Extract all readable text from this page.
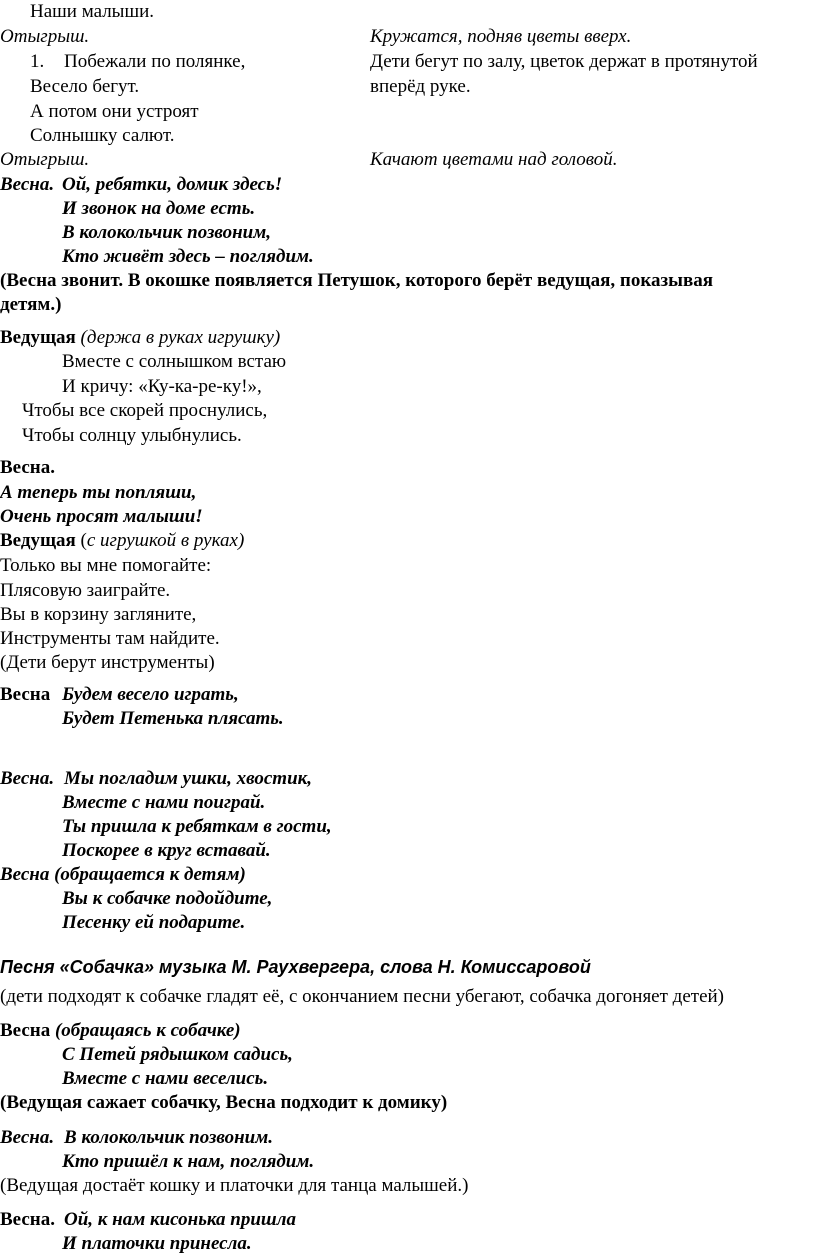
Наши малыши.
Отыгрыш.	Кружатся, подняв цветы вверх.
1. Побежали по полянке,	Дети бегут по залу, цветок держат в протянутой
Весело бегут.	вперёд руке.
А потом они устроят
Солнышку салют.
Отыгрыш.	Качают цветами над головой.
Весна. Ой, ребятки, домик здесь!
И звонок на доме есть.
В колокольчик позвоним,
Кто живёт здесь – поглядим.
(Весна звонит. В окошке появляется Петушок, которого берёт ведущая, показывая
детям.)
Ведущая (держа в руках игрушку)
Вместе с солнышком встаю
И кричу: «Ку-ка-ре-ку!»,
Чтобы все скорей проснулись,
Чтобы солнцу улыбнулись.
Весна.
А теперь ты попляши,
Очень просят малыши!
Ведущая (с игрушкой в руках)
Только вы мне помогайте:
Плясовую заиграйте.
Вы в корзину загляните,
Инструменты там найдите.
(Дети берут инструменты)
Весна Будем весело играть,
Будет Петенька плясать.
Весна. Мы погладим ушки, хвостик,
Вместе с нами поиграй.
Ты пришла к ребяткам в гости,
Поскорее в круг вставай.
Весна (обращается к детям)
Вы к собачке подойдите,
Песенку ей подарите.
Песня «Собачка» музыка М. Раухвергера, слова Н. Комиссаровой
(дети подходят к собачке гладят её, с окончанием песни убегают, собачка догоняет детей)
Весна (обращаясь к собачке)
С Петей рядышком садись,
Вместе с нами веселись.
(Ведущая сажает собачку, Весна подходит к домику)
Весна. В колокольчик позвоним.
Кто пришёл к нам, поглядим.
(Ведущая достаёт кошку и платочки для танца малышей.)
Весна. Ой, к нам кисонька пришла
И платочки принесла.
